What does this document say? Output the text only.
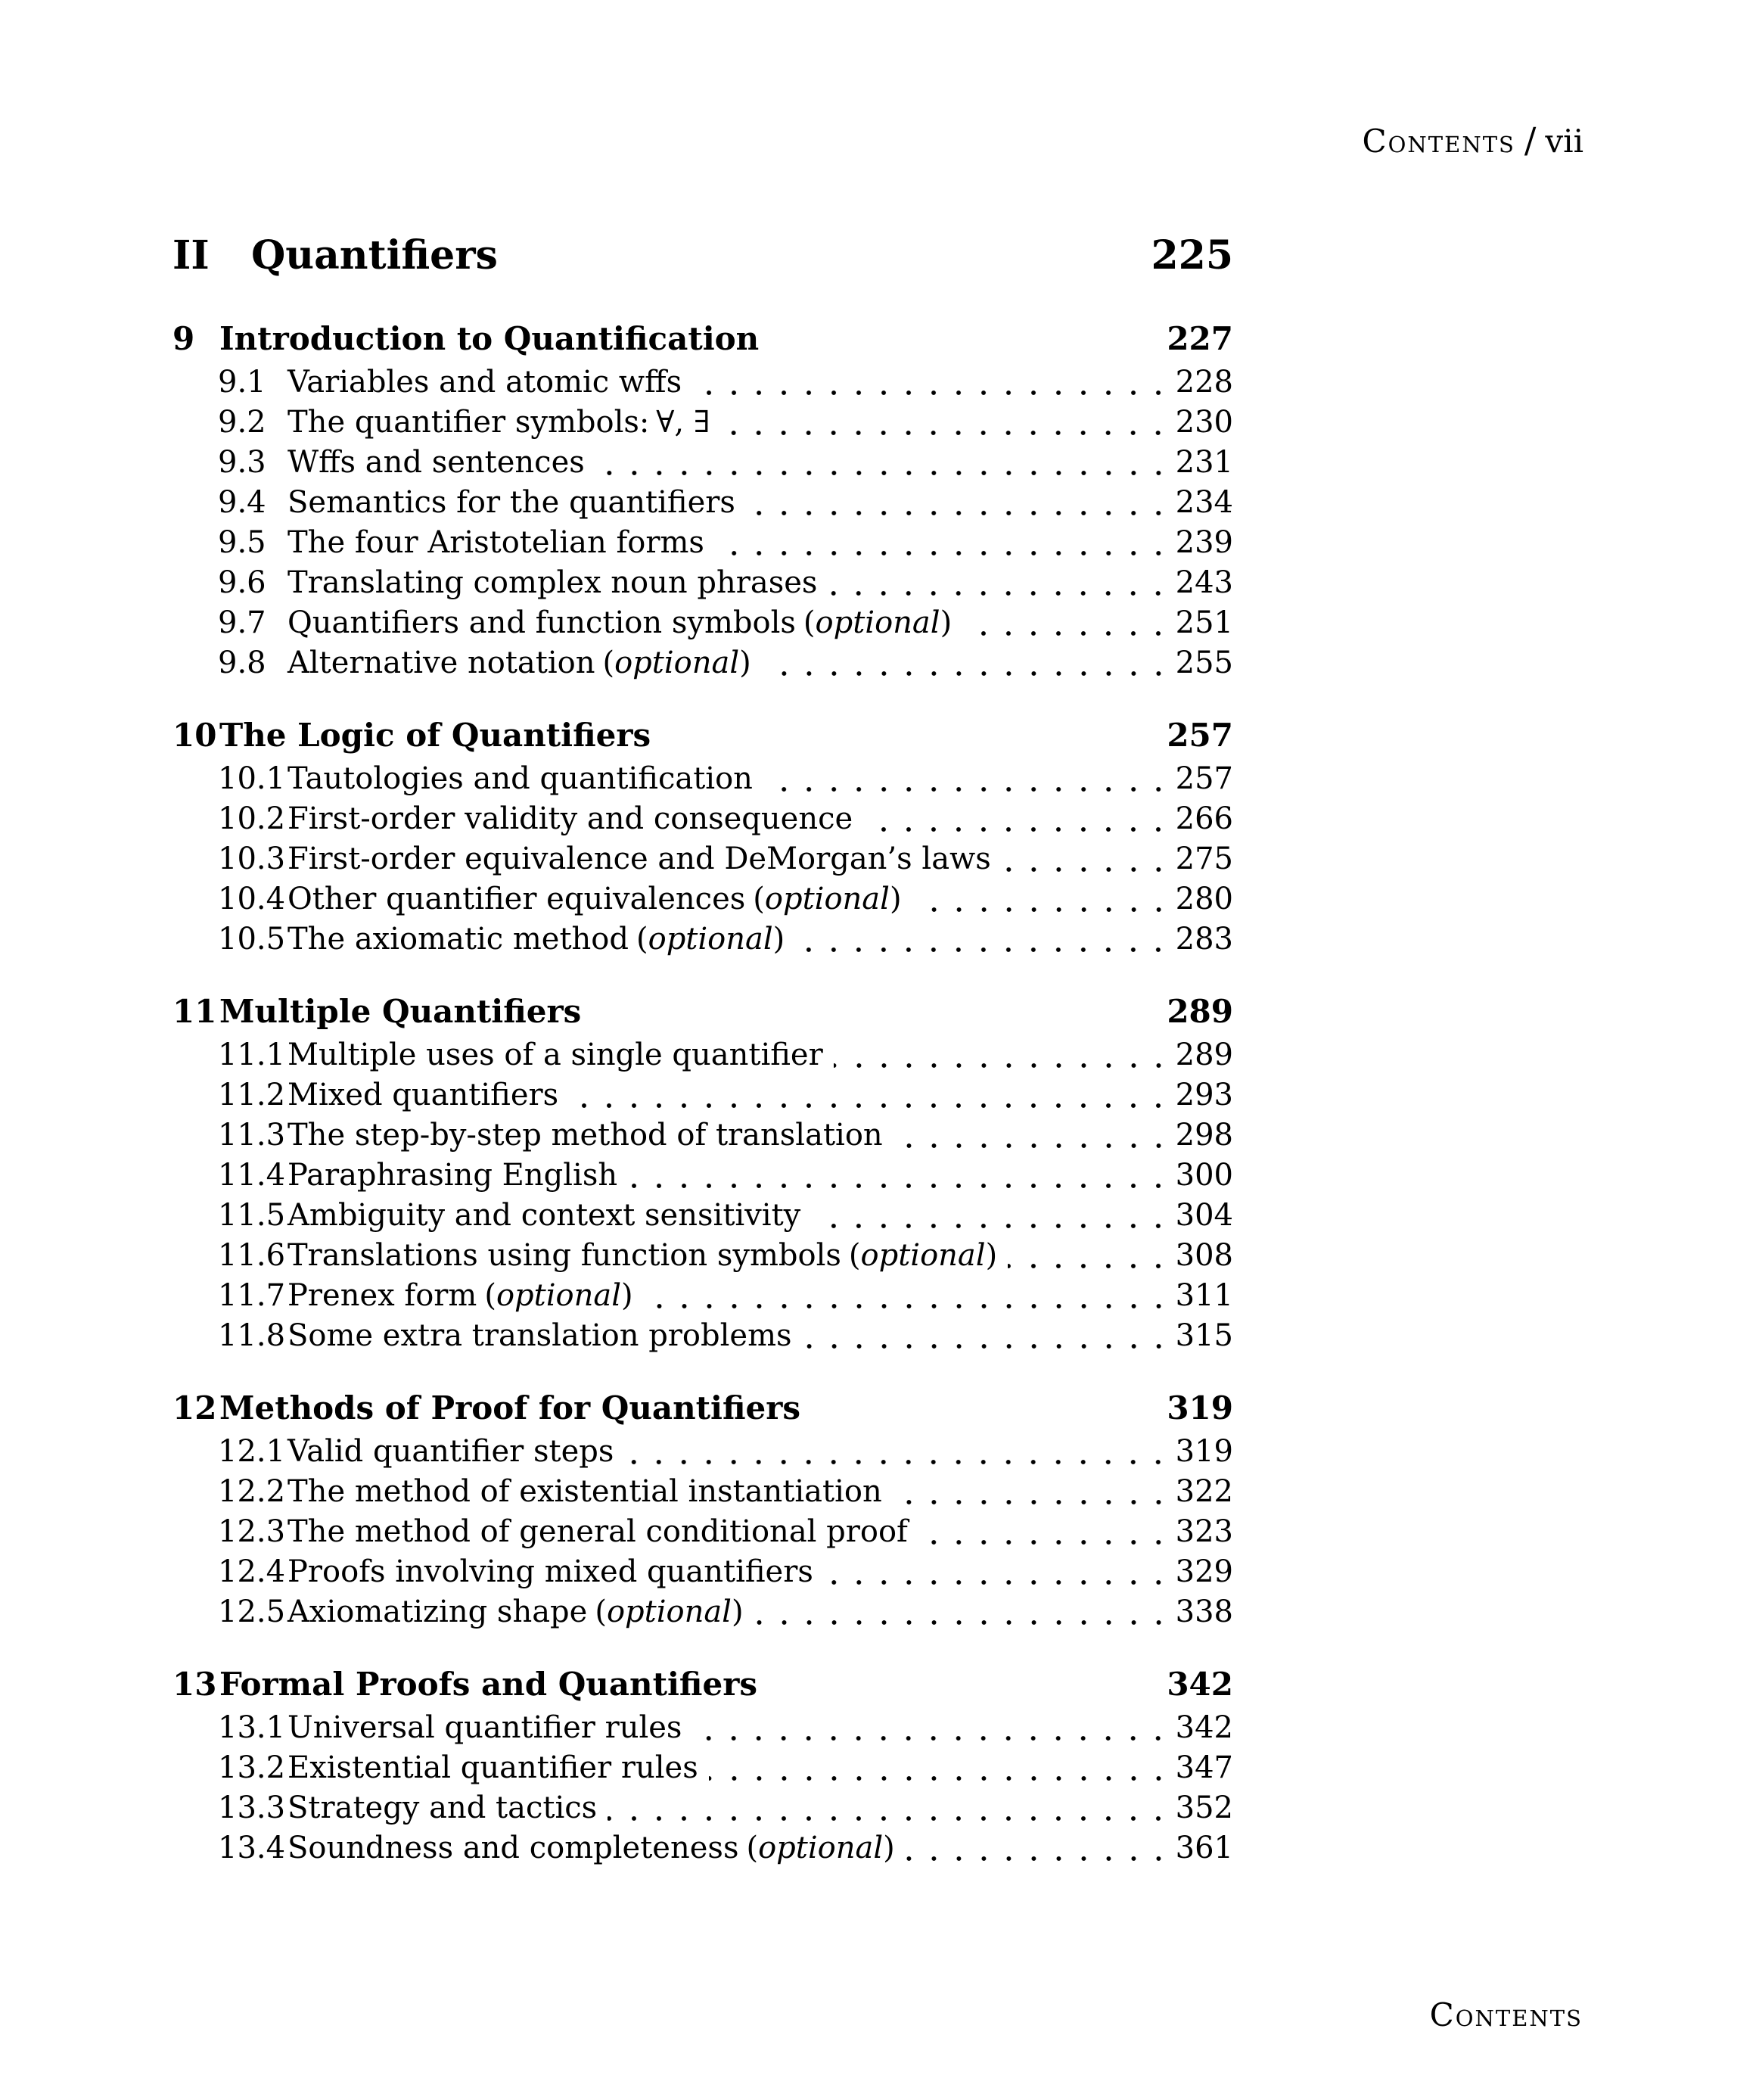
Contents / vii
II	Quantifiers	225
9 Introduction to Quantification	227
9.1 Variables and atomic wffs	228
9.2 The quantifier symbols: ∀, ∃	230
9.3 Wffs and sentences	231
9.4 Semantics for the quantifiers	234
9.5 The four Aristotelian forms	239
9.6 Translating complex noun phrases	243
9.7 Quantifiers and function symbols (optional)	251
9.8 Alternative notation (optional)	255
10 The Logic of Quantifiers	257
10.1 Tautologies and quantification	257
10.2 First-order validity and consequence	266
10.3 First-order equivalence and DeMorgan’s laws	275
10.4 Other quantifier equivalences (optional)	280
10.5 The axiomatic method (optional)	283
11 Multiple Quantifiers	289
11.1 Multiple uses of a single quantifier	289
11.2 Mixed quantifiers	293
11.3 The step-by-step method of translation	298
11.4 Paraphrasing English	300
11.5 Ambiguity and context sensitivity	304
11.6 Translations using function symbols (optional)	308
11.7 Prenex form (optional)	311
11.8 Some extra translation problems	315
12 Methods of Proof for Quantifiers	319
12.1 Valid quantifier steps	319
12.2 The method of existential instantiation	322
12.3 The method of general conditional proof	323
12.4 Proofs involving mixed quantifiers	329
12.5 Axiomatizing shape (optional)	338
13 Formal Proofs and Quantifiers	342
13.1 Universal quantifier rules	342
13.2 Existential quantifier rules	347
13.3 Strategy and tactics	352
13.4 Soundness and completeness (optional)	361
Contents
